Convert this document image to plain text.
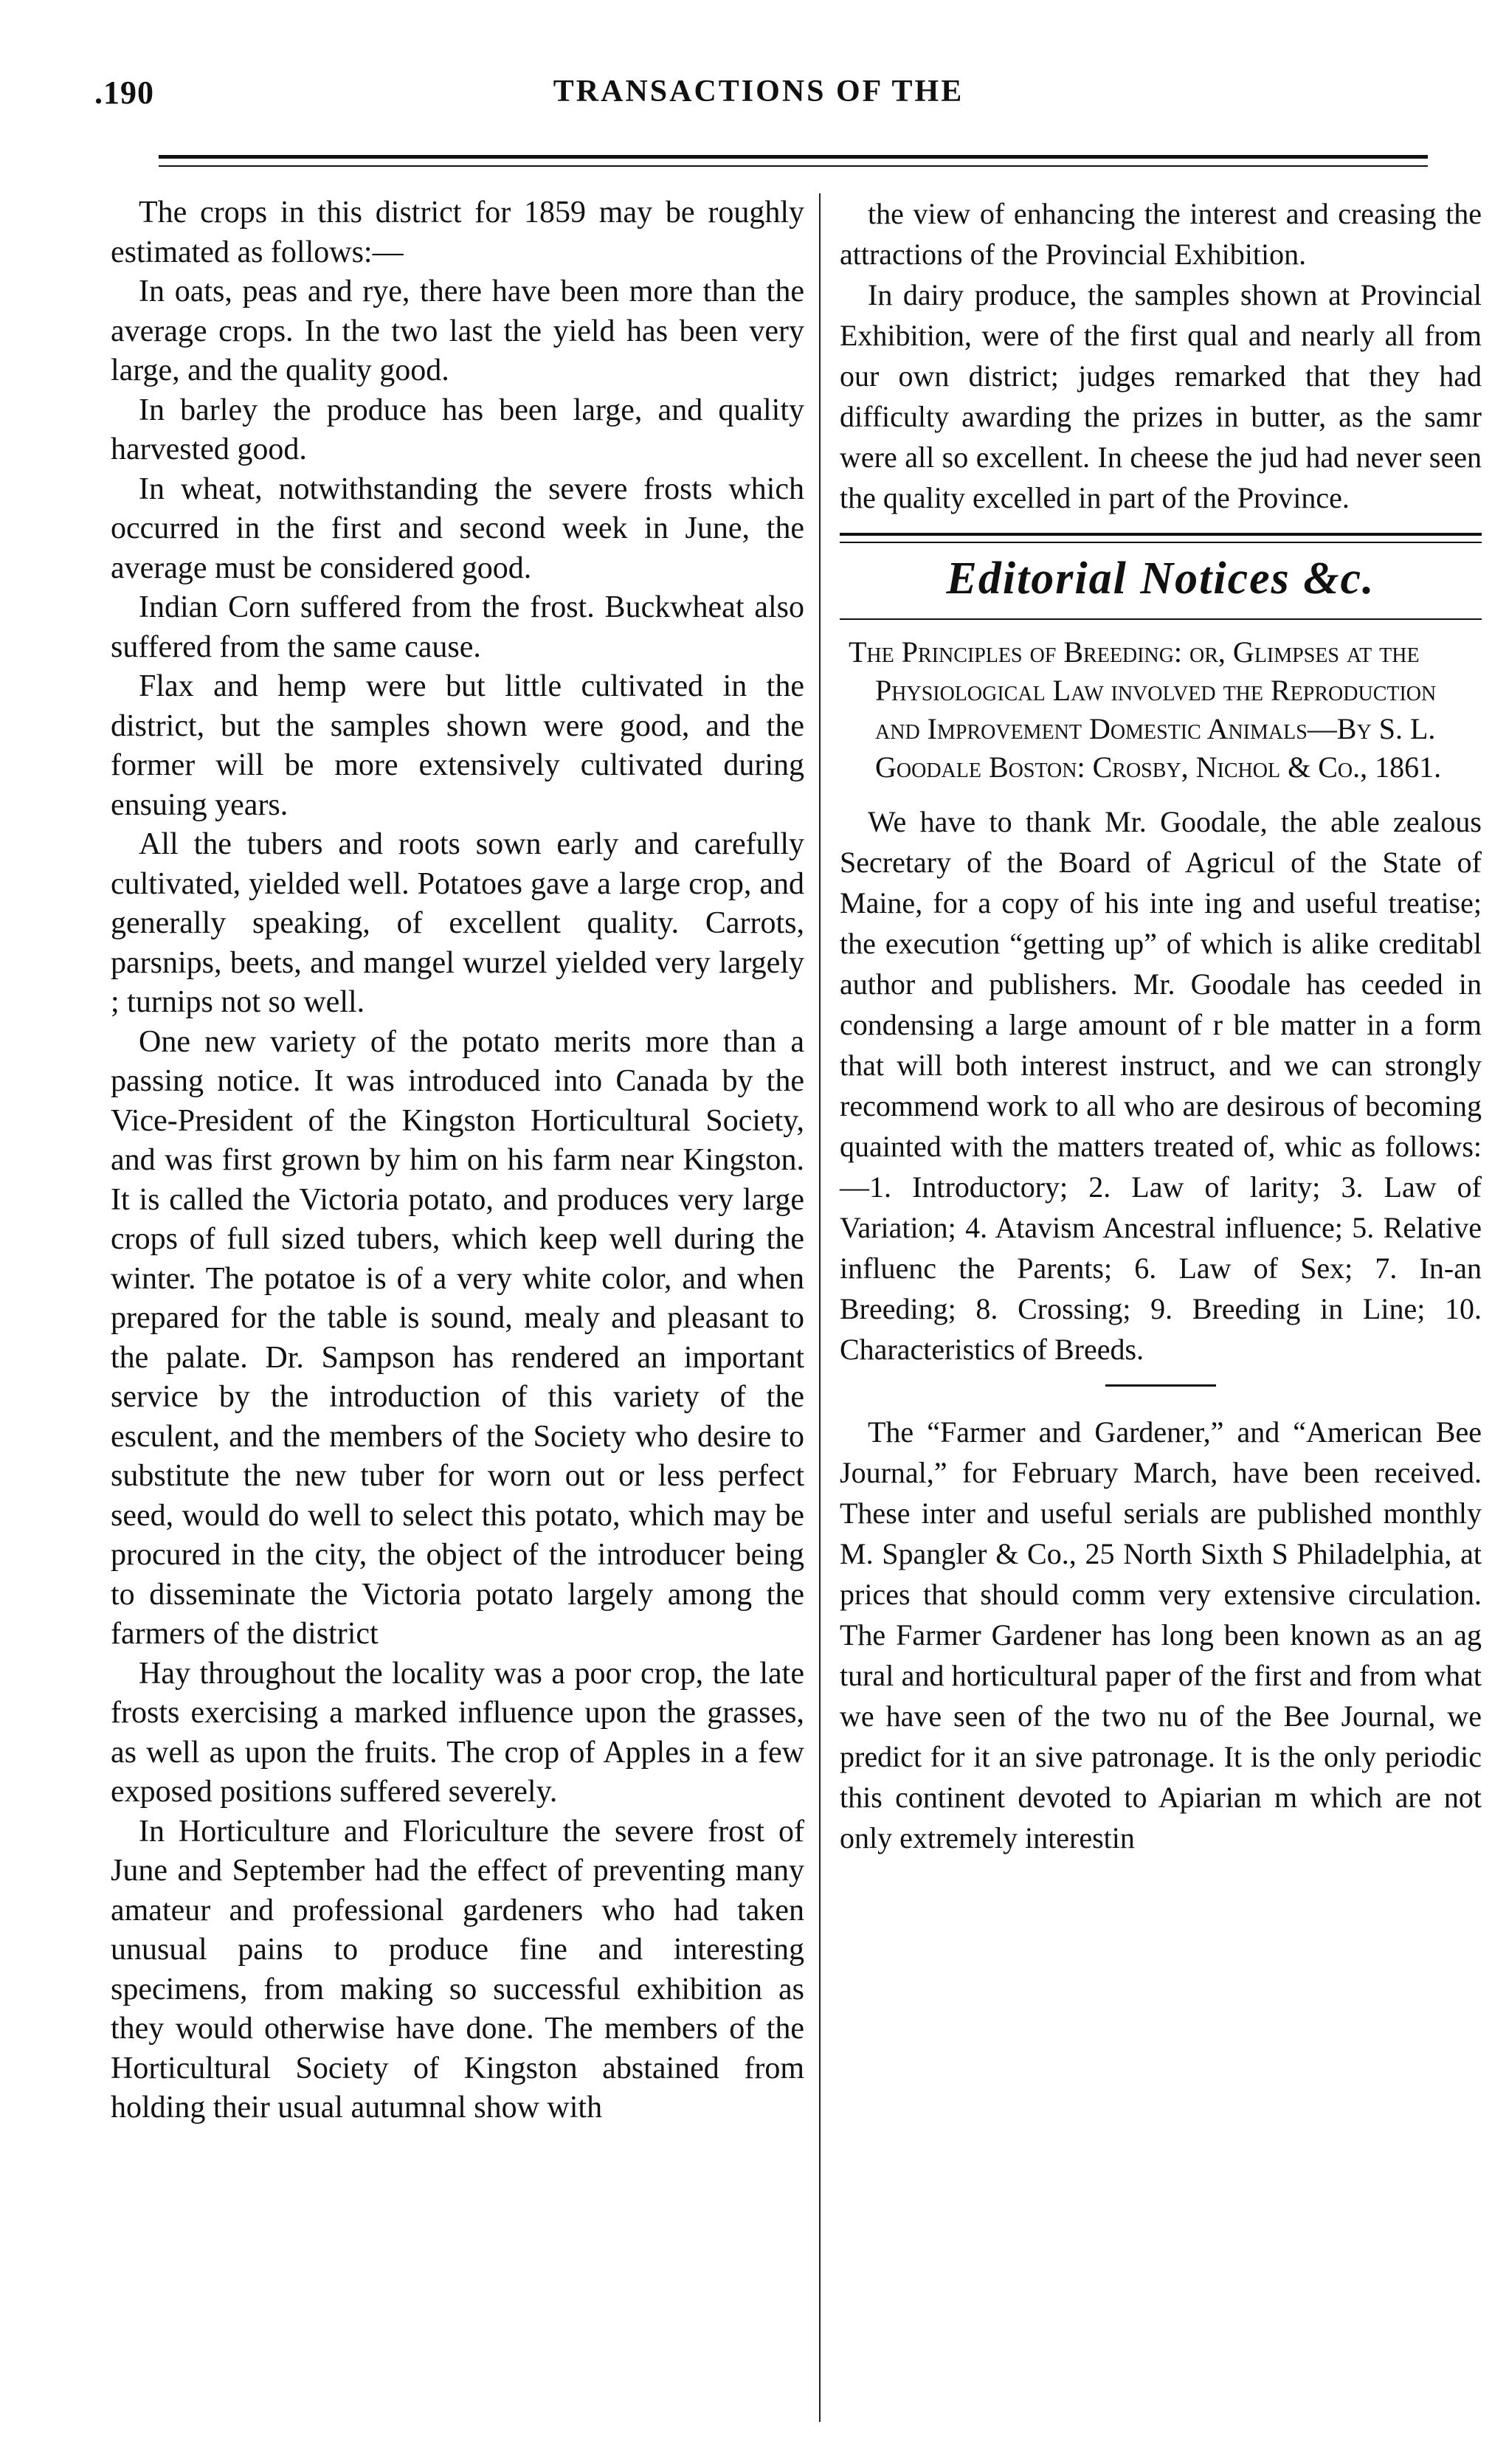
.190	TRANSACTIONS OF THE

The crops in this district for 1859 may be roughly estimated as follows:—

In oats, peas and rye, there have been more than the average crops. In the two last the yield has been very large, and the quality good.

In barley the produce has been large, and quality harvested good.

In wheat, notwithstanding the severe frosts which occurred in the first and second week in June, the average must be considered good.

Indian Corn suffered from the frost. Buckwheat also suffered from the same cause.

Flax and hemp were but little cultivated in the district, but the samples shown were good, and the former will be more extensively cultivated during ensuing years.

All the tubers and roots sown early and carefully cultivated, yielded well. Potatoes gave a large crop, and generally speaking, of excellent quality. Carrots, parsnips, beets, and mangel wurzel yielded very largely ; turnips not so well.

One new variety of the potato merits more than a passing notice. It was introduced into Canada by the Vice-President of the Kingston Horticultural Society, and was first grown by him on his farm near Kingston. It is called the Victoria potato, and produces very large crops of full sized tubers, which keep well during the winter. The potatoe is of a very white color, and when prepared for the table is sound, mealy and pleasant to the palate. Dr. Sampson has rendered an important service by the introduction of this variety of the esculent, and the members of the Society who desire to substitute the new tuber for worn out or less perfect seed, would do well to select this potato, which may be procured in the city, the object of the introducer being to disseminate the Victoria potato largely among the farmers of the district

Hay throughout the locality was a poor crop, the late frosts exercising a marked influence upon the grasses, as well as upon the fruits. The crop of Apples in a few exposed positions suffered severely.

In Horticulture and Floriculture the severe frost of June and September had the effect of preventing many amateur and professional gardeners who had taken unusual pains to produce fine and interesting specimens, from making so successful exhibition as they would otherwise have done. The members of the Horticultural Society of Kingston abstained from holding their usual autumnal show with

the view of enhancing the interest and creasing the attractions of the Provincial Exhibition.

In dairy produce, the samples shown at Provincial Exhibition, were of the first qual and nearly all from our own district; judges remarked that they had difficulty awarding the prizes in butter, as the samr were all so excellent. In cheese the jud had never seen the quality excelled in part of the Province.

Editorial Notices &c.
The Principles of Breeding: or, Glimpses at the Physiological Law involved the Reproduction and Improvement Domestic Animals—By S. L. Goodale Boston: Crosby, Nichol & Co., 1861.

We have to thank Mr. Goodale, the able zealous Secretary of the Board of Agricul of the State of Maine, for a copy of his inte ing and useful treatise; the execution “getting up” of which is alike creditabl author and publishers. Mr. Goodale has ceeded in condensing a large amount of r ble matter in a form that will both interest instruct, and we can strongly recommend work to all who are desirous of becoming quainted with the matters treated of, whic as follows:—1. Introductory; 2. Law of larity; 3. Law of Variation; 4. Atavism Ancestral influence; 5. Relative influenc the Parents; 6. Law of Sex; 7. In-an Breeding; 8. Crossing; 9. Breeding in Line; 10. Characteristics of Breeds.

The “Farmer and Gardener,” and “American Bee Journal,” for February March, have been received. These inter and useful serials are published monthly M. Spangler & Co., 25 North Sixth S Philadelphia, at prices that should comm very extensive circulation. The Farmer Gardener has long been known as an ag tural and horticultural paper of the first and from what we have seen of the two nu of the Bee Journal, we predict for it an sive patronage. It is the only periodic this continent devoted to Apiarian m which are not only extremely interestin
